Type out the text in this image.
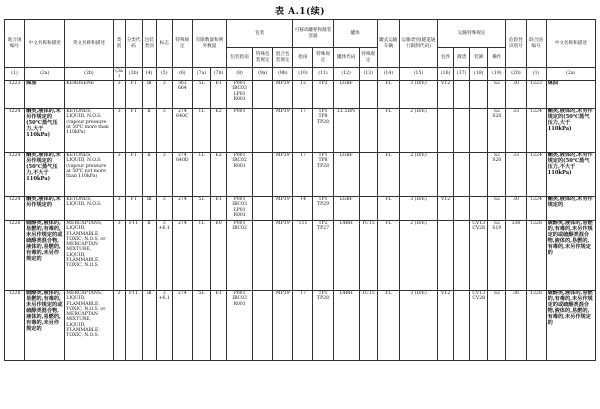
表 A.1(续)
联合国编号	中文名称和描述	英文名称和描述	类别	分类代码	包装类别	标志	特殊规定	有限数量和例外数量		包装			可移动罐柜和散装容器		罐体		罐式运输车辆	运输类别(隧道通行限制代码)	运输特殊规定				危险性识别号	联合国编号	中文名称和描述
										包装指南	特殊包装规定	混合包装规定	指南	特殊规定	罐体代码	特殊规定			包件	散货	装卸	操作			
(1)	(2a)	(2b)	(3a)	(3b)	(4)	(5)	(6)	(7a)	(7b)	(8)	(9a)	(9b)	(10)	(11)	(12)	(13)	(14)	(15)	(16)	(17)	(18)	(19)	(20)	(1)	(2a)
1223	煤油	KEROSENE	3	F1	Ⅲ	3	363 664	5L	E1	P001 IBC03 LP01 R001		MP19	T2	TP2	LGBF		FL	3 (D/E)	V12			S2	30	1223	煤油
1224	酮类,液体的,未另作规定的(50℃蒸气压力,大于110kPa)	KETONES, LIQUID, N.O.S. (vapour pressure at 50℃ more than 110kPa)	3	F1	Ⅱ	3	274 640C	1L	E2	P001		MP19	T7	TP1 TP8 TP28	L1.5BN		FL	2 (D/E)				S2 S20	33	1224	酮类,液体的,未另作规定的(50℃蒸气压力,大于110kPa)
1224	酮类,液体的,未另作规定的(50℃蒸气压力,不大于110kPa)	KETONES, LIQUID, N.O.S. (vapour pressure at 50℃ not more than 110kPa)	3	F1	Ⅱ	3	274 640D	1L	E2	P001 IBC02 R001		MP19	T7	TP1 TP8 TP28	LGBF		FL	2 (D/E)				S2 S20	33	1224	酮类,液体的,未另作规定的(50℃蒸气压力,不大于110kPa)
1224	酮类,液体的,未另作规定的	KETONES, LIQUID, N.O.S.	3	F1	Ⅲ	3	274	5L	E1	P001 IBC03 LP01 R001		MP19	T4	TP1 TP29	LGBF		FL	3 (D/E)	V12			S2	30	1224	酮类,液体的,未另作规定的
1228	硫醇类,液体的,易燃的,有毒的,未另作规定的或硫醇类混合物,液体的,易燃的,有毒的,未另作规定的	MERCAPTANS, LIQUID, FLAMMABLE, TOXIC, N.O.S. or MERCAPTAN MIXTURE, LIQUID, FLAMMABLE, TOXIC, N.O.S.	3	FT1	Ⅱ	3 +6.1	274	1L	E0	P001 IBC02		MP19	T11	TP2 TP27	L4BH	TU15	FL	2 (D/E)			CV13 CV28	S2 S19	336	1228	硫醇类,液体的,易燃的,有毒的,未另作规定的或硫醇类混合物,液体的,易燃的,有毒的,未另作规定的
1228	硫醇类,液体的,易燃的,有毒的,未另作规定的或硫醇类混合物,液体的,易燃的,有毒的,未另作规定的	MERCAPTANS, LIQUID, FLAMMABLE, TOXIC, N.O.S. or MERCAPTAN MIXTURE, LIQUID, FLAMMABLE, TOXIC, N.O.S.	3	FT1	Ⅲ	3 +6.1	274	5L	E1	P001 IBC03 R001		MP19	T7	TP1 TP28	L4BH	TU15	FL	3 (D/E)	V12		CV13 CV28	S2	36	1228	硫醇类,液体的,易燃的,有毒的,未另作规定的或硫醇类混合物,液体的,易燃的,有毒的,未另作规定的
